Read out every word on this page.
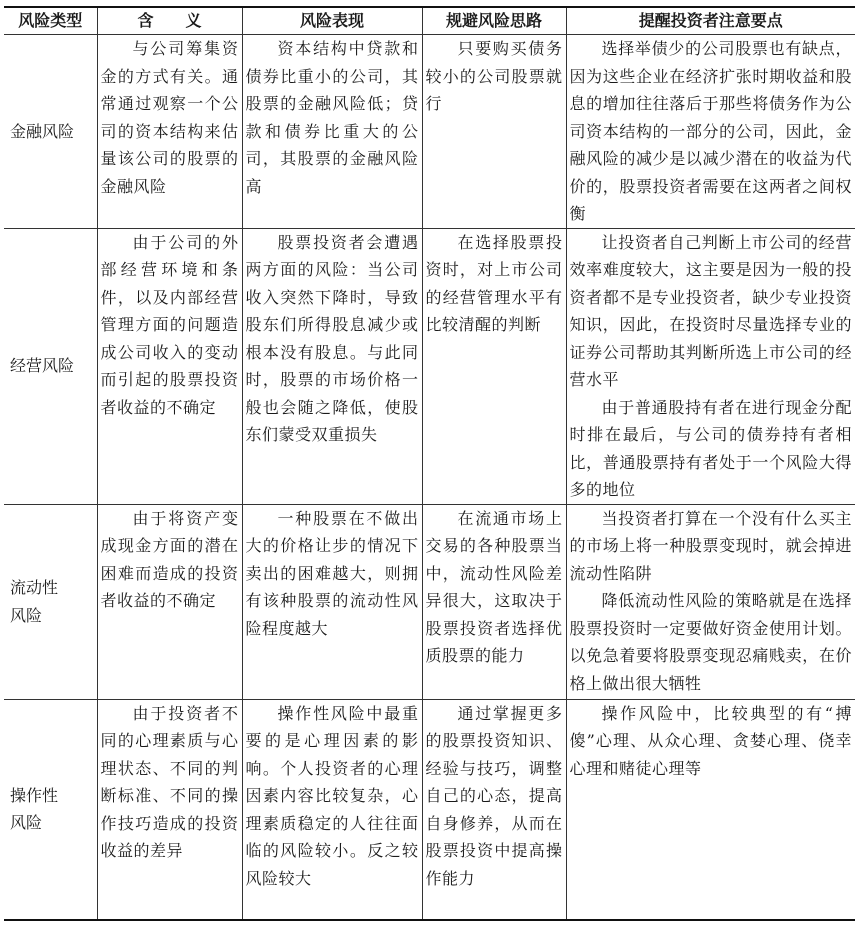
风险类型	含　　义	风险表现	规避风险思路	提醒投资者注意要点
金融风险	与公司筹集资金的方式有关。通常通过观察一个公司的资本结构来估量该公司的股票的金融风险	资本结构中贷款和债券比重小的公司，其股票的金融风险低；贷款和债券比重大的公司，其股票的金融风险高	只要购买债务较小的公司股票就行	选择举债少的公司股票也有缺点，因为这些企业在经济扩张时期收益和股息的增加往往落后于那些将债务作为公司资本结构的一部分的公司，因此，金融风险的减少是以减少潜在的收益为代价的，股票投资者需要在这两者之间权衡

经营风险	由于公司的外部经营环境和条件，以及内部经营管理方面的问题造成公司收入的变动而引起的股票投资者收益的不确定	股票投资者会遭遇两方面的风险：当公司收入突然下降时，导致股东们所得股息减少或根本没有股息。与此同时，股票的市场价格一般也会随之降低，使股东们蒙受双重损失	在选择股票投资时，对上市公司的经营管理水平有比较清醒的判断	让投资者自己判断上市公司的经营效率难度较大，这主要是因为一般的投资者都不是专业投资者，缺少专业投资知识，因此，在投资时尽量选择专业的证券公司帮助其判断所选上市公司的经营水平

由于普通股持有者在进行现金分配时排在最后，与公司的债券持有者相比，普通股票持有者处于一个风险大得多的地位

流动性风险	由于将资产变成现金方面的潜在困难而造成的投资者收益的不确定	一种股票在不做出大的价格让步的情况下卖出的困难越大，则拥有该种股票的流动性风险程度越大	在流通市场上交易的各种股票当中，流动性风险差异很大，这取决于股票投资者选择优质股票的能力	当投资者打算在一个没有什么买主的市场上将一种股票变现时，就会掉进流动性陷阱

降低流动性风险的策略就是在选择股票投资时一定要做好资金使用计划。以免急着要将股票变现忍痛贱卖，在价格上做出很大牺牲

操作性风险	由于投资者不同的心理素质与心理状态、不同的判断标准、不同的操作技巧造成的投资收益的差异	操作性风险中最重要的是心理因素的影响。个人投资者的心理因素内容比较复杂，心理素质稳定的人往往面临的风险较小。反之较风险较大	通过掌握更多的股票投资知识、经验与技巧，调整自己的心态，提高自身修养，从而在股票投资中提高操作能力	操作风险中，比较典型的有“搏傻”心理、从众心理、贪婪心理、侥幸心理和赌徒心理等
